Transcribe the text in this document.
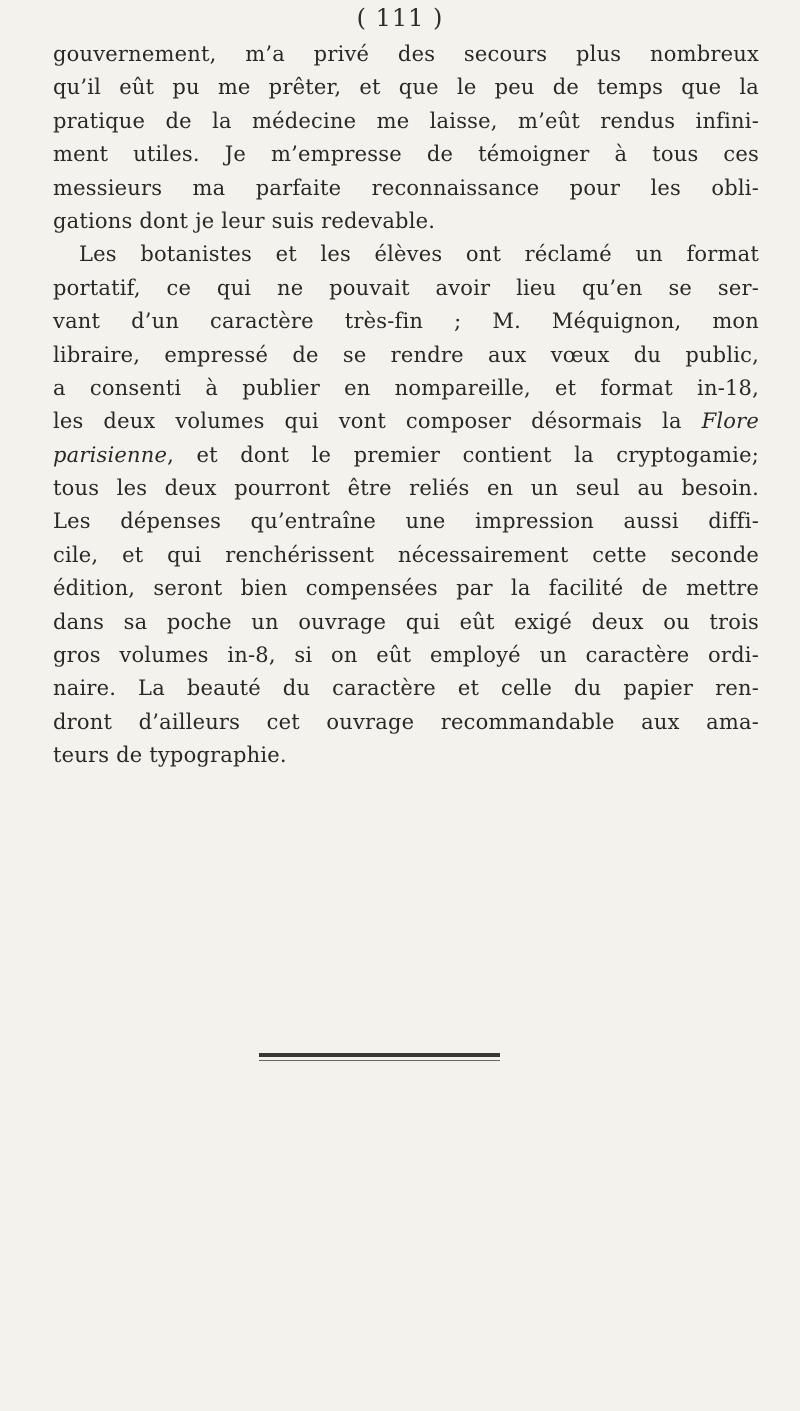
( 111 )
gouvernement, m’a privé des secours plus nombreux
qu’il eût pu me prêter, et que le peu de temps que la
pratique de la médecine me laisse, m’eût rendus infini-
ment utiles. Je m’empresse de témoigner à tous ces
messieurs ma parfaite reconnaissance pour les obli-
gations dont je leur suis redevable.
Les botanistes et les élèves ont réclamé un format
portatif, ce qui ne pouvait avoir lieu qu’en se ser-
vant d’un caractère très-fin ; M. Méquignon, mon
libraire, empressé de se rendre aux vœux du public,
a consenti à publier en nompareille, et format in-18,
les deux volumes qui vont composer désormais la Flore
parisienne, et dont le premier contient la cryptogamie;
tous les deux pourront être reliés en un seul au besoin.
Les dépenses qu’entraîne une impression aussi diffi-
cile, et qui renchérissent nécessairement cette seconde
édition, seront bien compensées par la facilité de mettre
dans sa poche un ouvrage qui eût exigé deux ou trois
gros volumes in-8, si on eût employé un caractère ordi-
naire. La beauté du caractère et celle du papier ren-
dront d’ailleurs cet ouvrage recommandable aux ama-
teurs de typographie.
